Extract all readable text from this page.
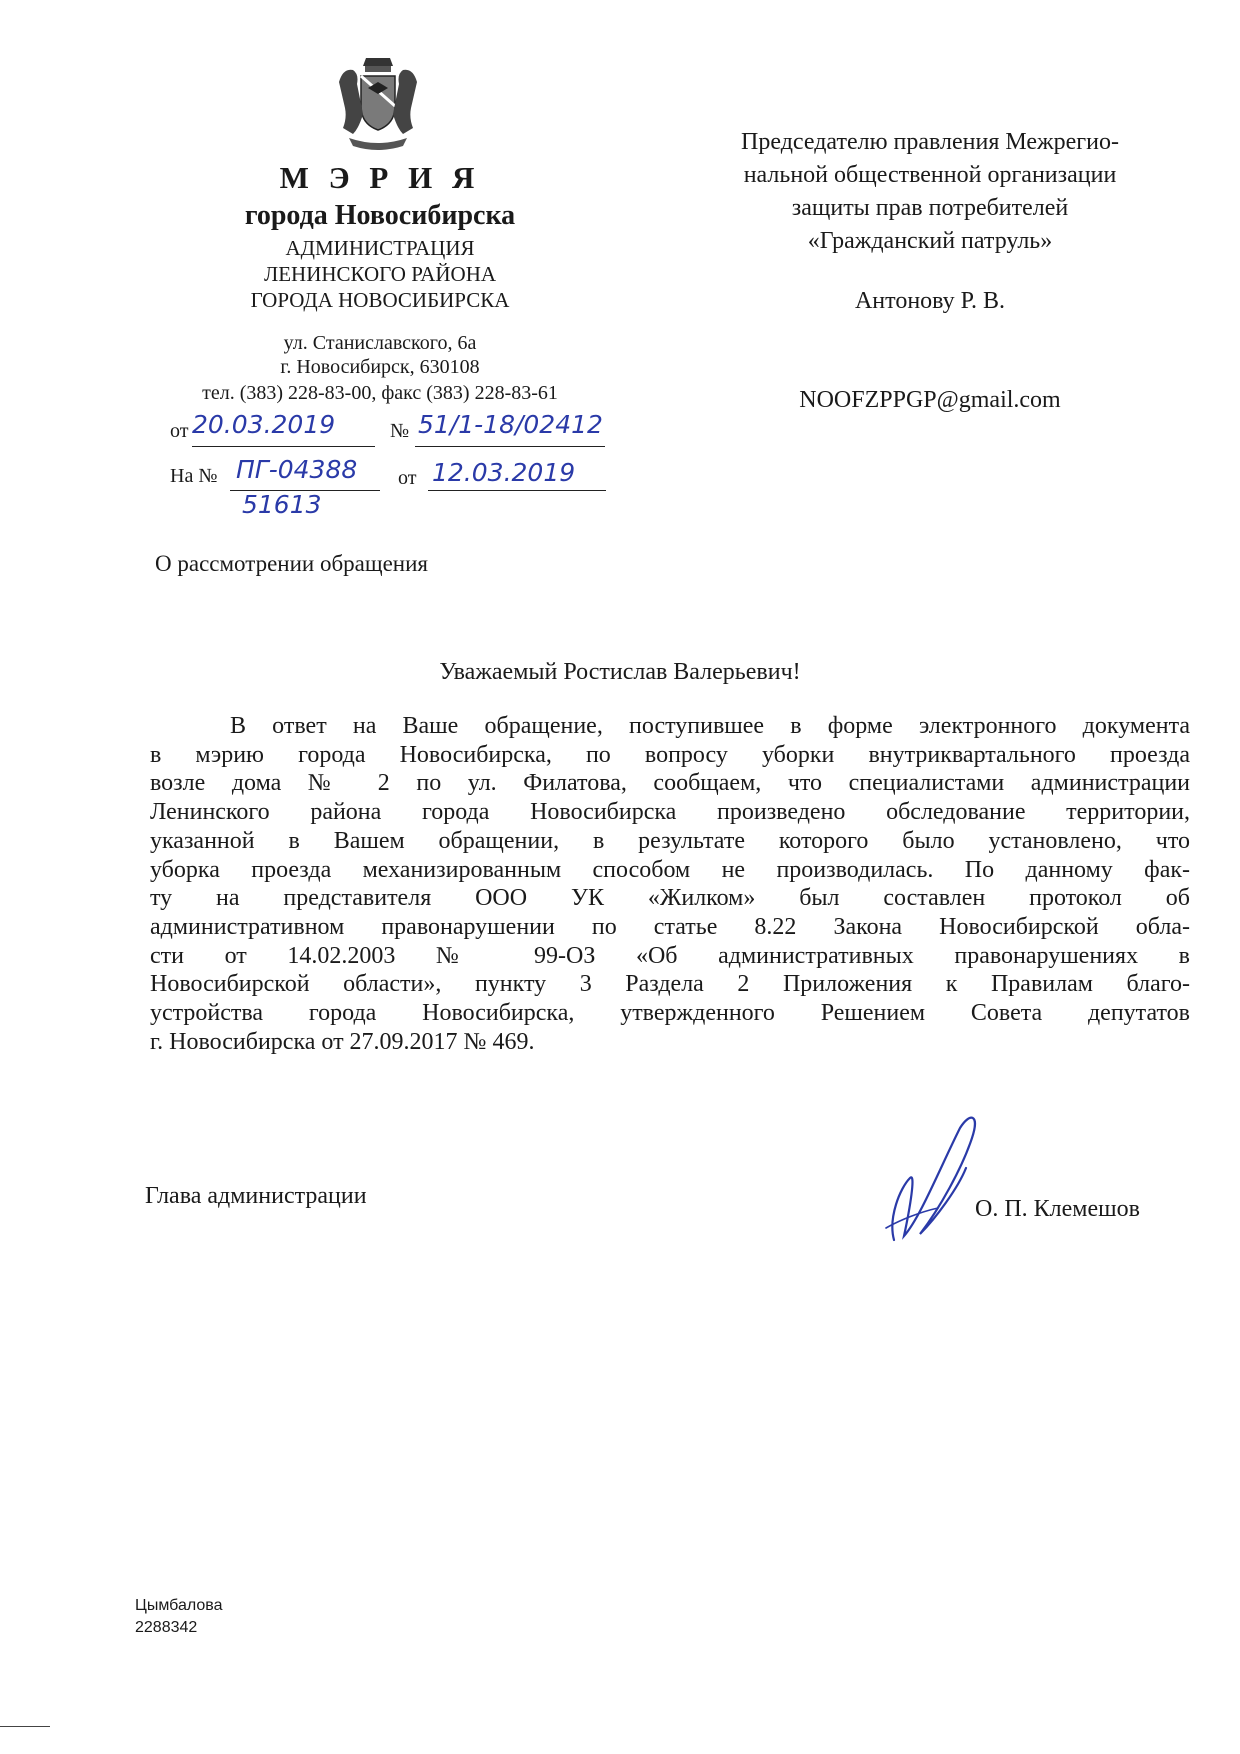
М Э Р И Я
города Новосибирска
АДМИНИСТРАЦИЯ
ЛЕНИНСКОГО РАЙОНА
ГОРОДА НОВОСИБИРСКА
ул. Станиславского, 6а
г. Новосибирск, 630108
тел. (383) 228-83-00, факс (383) 228-83-61
от 20.03.2019	№ 51/1-18/02412
На № ПГ-04388
51613
от 12.03.2019
Председателю правления Межрегио-
нальной общественной организации
защиты прав потребителей
«Гражданский патруль»
Антонову Р. В.
NOOFZPPGP@gmail.com
О рассмотрении обращения
Уважаемый Ростислав Валерьевич!
В ответ на Ваше обращение, поступившее в форме электронного документа
в мэрию города Новосибирска, по вопросу уборки внутриквартального проезда
возле дома № 2 по ул. Филатова, сообщаем, что специалистами администрации
Ленинского района города Новосибирска произведено обследование территории,
указанной в Вашем обращении, в результате которого было установлено, что
уборка проезда механизированным способом не производилась. По данному фак-
ту на представителя ООО УК «Жилком» был составлен протокол об
административном правонарушении по статье 8.22 Закона Новосибирской обла-
сти от 14.02.2003 № 99-ОЗ «Об административных правонарушениях в
Новосибирской области», пункту 3 Раздела 2 Приложения к Правилам благо-
устройства города Новосибирска, утвержденного Решением Совета депутатов
г. Новосибирска от 27.09.2017 № 469.
Глава администрации	О. П. Клемешов
Цымбалова
2288342
